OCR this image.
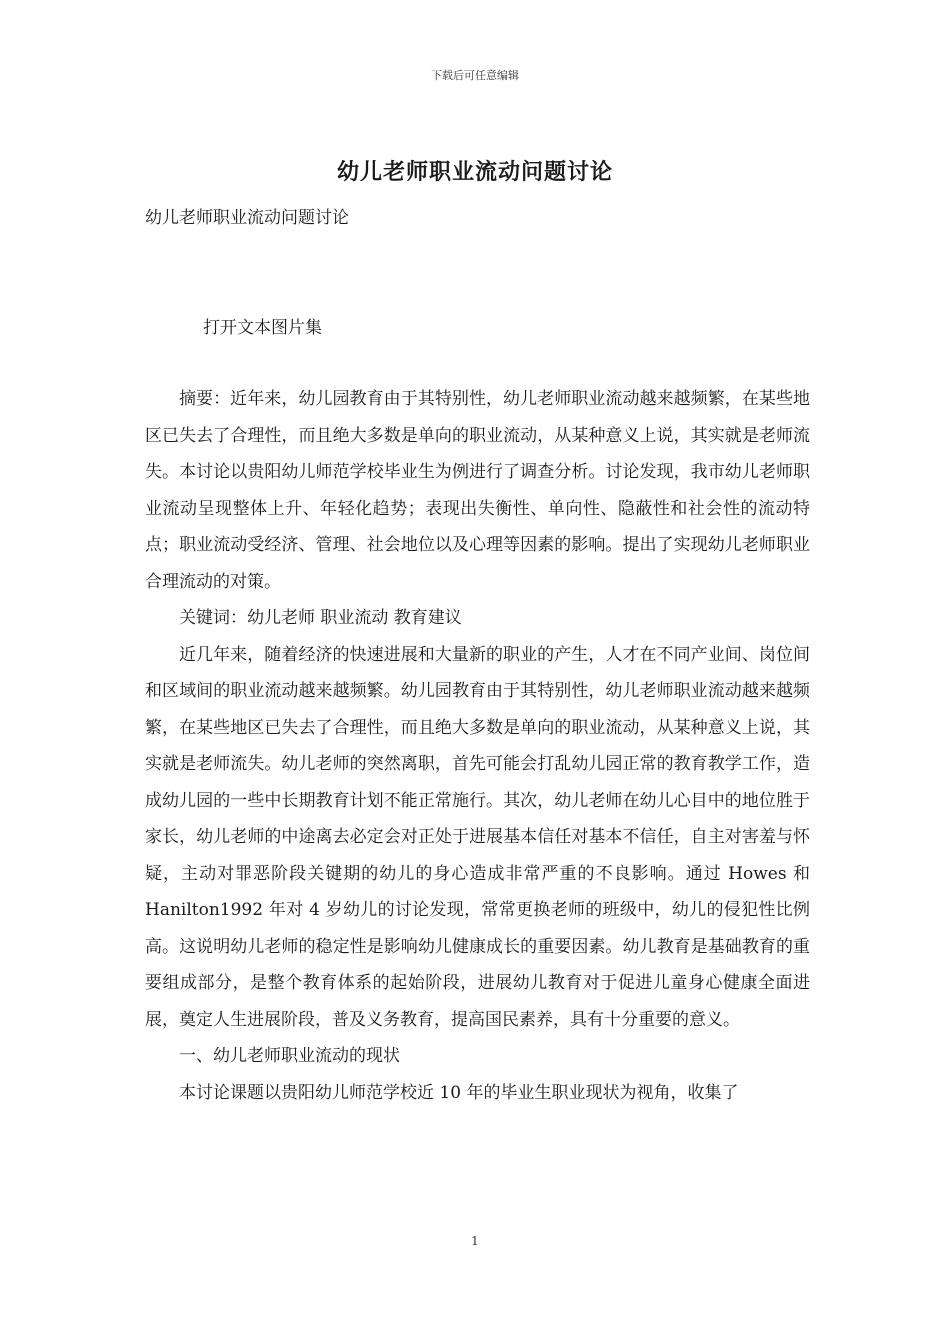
下载后可任意编辑
幼儿老师职业流动问题讨论
幼儿老师职业流动问题讨论
打开文本图片集

摘要：近年来，幼儿园教育由于其特别性，幼儿老师职业流动越来越频繁，在某些地区已失去了合理性，而且绝大多数是单向的职业流动，从某种意义上说，其实就是老师流失。本讨论以贵阳幼儿师范学校毕业生为例进行了调查分析。讨论发现，我市幼儿老师职业流动呈现整体上升、年轻化趋势；表现出失衡性、单向性、隐蔽性和社会性的流动特点；职业流动受经济、管理、社会地位以及心理等因素的影响。提出了实现幼儿老师职业合理流动的对策。

关键词：幼儿老师 职业流动 教育建议

近几年来，随着经济的快速进展和大量新的职业的产生，人才在不同产业间、岗位间和区域间的职业流动越来越频繁。幼儿园教育由于其特别性，幼儿老师职业流动越来越频繁，在某些地区已失去了合理性，而且绝大多数是单向的职业流动，从某种意义上说，其实就是老师流失。幼儿老师的突然离职，首先可能会打乱幼儿园正常的教育教学工作，造成幼儿园的一些中长期教育计划不能正常施行。其次，幼儿老师在幼儿心目中的地位胜于家长，幼儿老师的中途离去必定会对正处于进展基本信任对基本不信任，自主对害羞与怀疑，主动对罪恶阶段关键期的幼儿的身心造成非常严重的不良影响。通过 Howes 和 Hanilton1992 年对 4 岁幼儿的讨论发现，常常更换老师的班级中，幼儿的侵犯性比例高。这说明幼儿老师的稳定性是影响幼儿健康成长的重要因素。幼儿教育是基础教育的重要组成部分，是整个教育体系的起始阶段，进展幼儿教育对于促进儿童身心健康全面进展，奠定人生进展阶段，普及义务教育，提高国民素养，具有十分重要的意义。

一、幼儿老师职业流动的现状

本讨论课题以贵阳幼儿师范学校近 10 年的毕业生职业现状为视角，收集了

1
